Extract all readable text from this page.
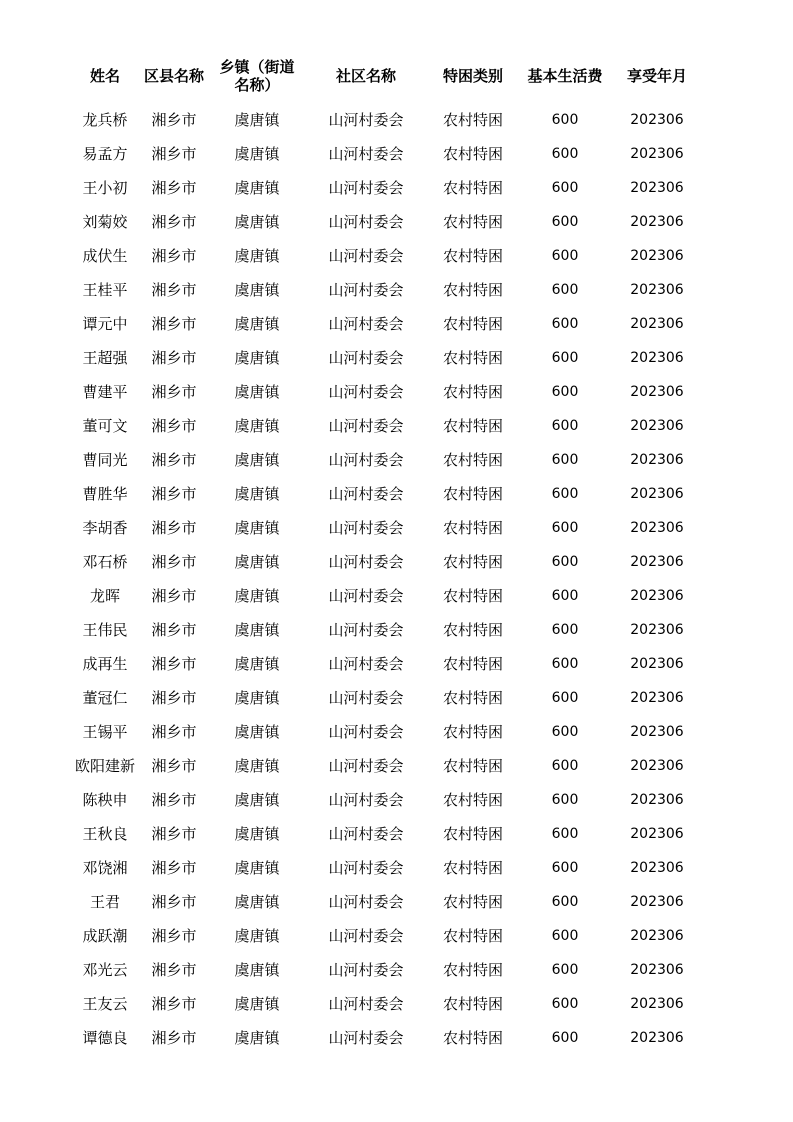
姓名	区县名称	乡镇（街道名称）	社区名称	特困类别	基本生活费	享受年月
龙兵桥	湘乡市	虞唐镇	山河村委会	农村特困	600	202306
易孟方	湘乡市	虞唐镇	山河村委会	农村特困	600	202306
王小初	湘乡市	虞唐镇	山河村委会	农村特困	600	202306
刘菊姣	湘乡市	虞唐镇	山河村委会	农村特困	600	202306
成伏生	湘乡市	虞唐镇	山河村委会	农村特困	600	202306
王桂平	湘乡市	虞唐镇	山河村委会	农村特困	600	202306
谭元中	湘乡市	虞唐镇	山河村委会	农村特困	600	202306
王超强	湘乡市	虞唐镇	山河村委会	农村特困	600	202306
曹建平	湘乡市	虞唐镇	山河村委会	农村特困	600	202306
董可文	湘乡市	虞唐镇	山河村委会	农村特困	600	202306
曹同光	湘乡市	虞唐镇	山河村委会	农村特困	600	202306
曹胜华	湘乡市	虞唐镇	山河村委会	农村特困	600	202306
李胡香	湘乡市	虞唐镇	山河村委会	农村特困	600	202306
邓石桥	湘乡市	虞唐镇	山河村委会	农村特困	600	202306
龙晖	湘乡市	虞唐镇	山河村委会	农村特困	600	202306
王伟民	湘乡市	虞唐镇	山河村委会	农村特困	600	202306
成再生	湘乡市	虞唐镇	山河村委会	农村特困	600	202306
董冠仁	湘乡市	虞唐镇	山河村委会	农村特困	600	202306
王锡平	湘乡市	虞唐镇	山河村委会	农村特困	600	202306
欧阳建新	湘乡市	虞唐镇	山河村委会	农村特困	600	202306
陈秧申	湘乡市	虞唐镇	山河村委会	农村特困	600	202306
王秋良	湘乡市	虞唐镇	山河村委会	农村特困	600	202306
邓饶湘	湘乡市	虞唐镇	山河村委会	农村特困	600	202306
王君	湘乡市	虞唐镇	山河村委会	农村特困	600	202306
成跃潮	湘乡市	虞唐镇	山河村委会	农村特困	600	202306
邓光云	湘乡市	虞唐镇	山河村委会	农村特困	600	202306
王友云	湘乡市	虞唐镇	山河村委会	农村特困	600	202306
谭德良	湘乡市	虞唐镇	山河村委会	农村特困	600	202306
